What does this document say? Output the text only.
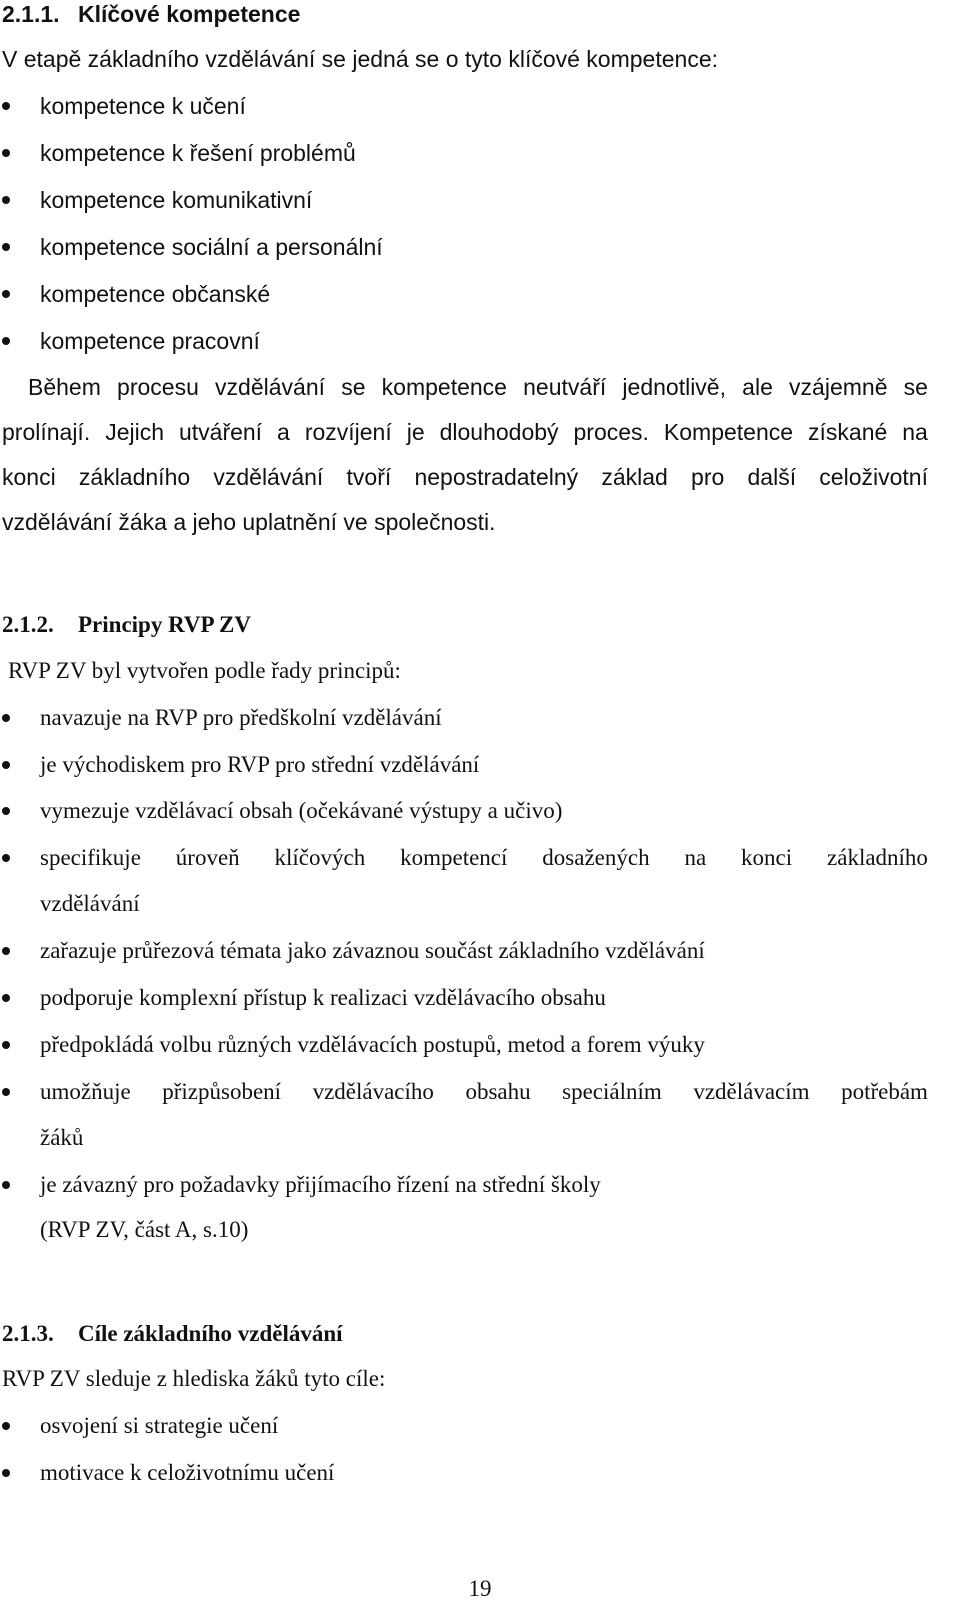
2.1.1. Klíčové kompetence
V etapě základního vzdělávání se jedná se o tyto klíčové kompetence:
kompetence k učení
kompetence k řešení problémů
kompetence komunikativní
kompetence sociální a personální
kompetence občanské
kompetence pracovní
Během procesu vzdělávání se kompetence neutváří jednotlivě, ale vzájemně se
prolínají. Jejich utváření a rozvíjení je dlouhodobý proces. Kompetence získané na
konci základního vzdělávání tvoří nepostradatelný základ pro další celoživotní
vzdělávání žáka a jeho uplatnění ve společnosti.
2.1.2. Principy RVP ZV
RVP ZV byl vytvořen podle řady principů:
navazuje na RVP pro předškolní vzdělávání
je východiskem pro RVP pro střední vzdělávání
vymezuje vzdělávací obsah (očekávané výstupy a učivo)
specifikuje úroveň klíčových kompetencí dosažených na konci základního
vzdělávání
zařazuje průřezová témata jako závaznou součást základního vzdělávání
podporuje komplexní přístup k realizaci vzdělávacího obsahu
předpokládá volbu různých vzdělávacích postupů, metod a forem výuky
umožňuje přizpůsobení vzdělávacího obsahu speciálním vzdělávacím potřebám
žáků
je závazný pro požadavky přijímacího řízení na střední školy
(RVP ZV, část A, s.10)
2.1.3. Cíle základního vzdělávání
RVP ZV sleduje z hlediska žáků tyto cíle:
osvojení si strategie učení
motivace k celoživotnímu učení
19
